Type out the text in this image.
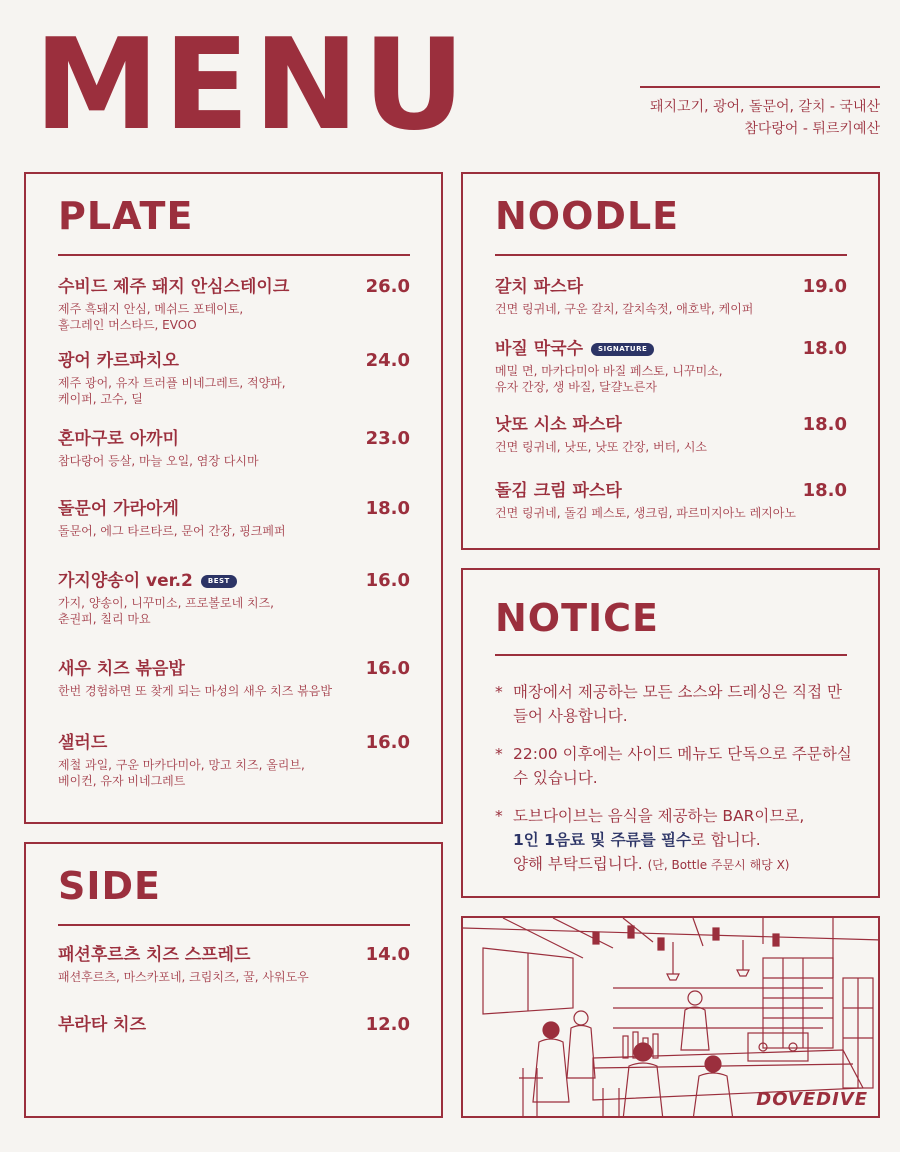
MENU	돼지고기, 광어, 돌문어, 갈치 - 국내산
참다랑어 - 튀르키예산
PLATE
수비드 제주 돼지 안심스테이크	26.0
제주 흑돼지 안심, 메쉬드 포테이토,
홀그레인 머스타드, EVOO
광어 카르파치오	24.0
제주 광어, 유자 트러플 비네그레트, 적양파,
케이퍼, 고수, 딜
혼마구로 아까미	23.0
참다랑어 등살, 마늘 오일, 염장 다시마
돌문어 가라아게	18.0
돌문어, 에그 타르타르, 문어 간장, 핑크페퍼
가지양송이 ver.2	BEST	16.0
가지, 양송이, 니꾸미소, 프로볼로네 치즈,
춘권피, 칠리 마요
새우 치즈 볶음밥	16.0
한번 경험하면 또 찾게 되는 마성의 새우 치즈 볶음밥
샐러드	16.0
제철 과일, 구운 마카다미아, 망고 치즈, 올리브,
베이컨, 유자 비네그레트
SIDE
패션후르츠 치즈 스프레드	14.0
패션후르츠, 마스카포네, 크림치즈, 꿀, 사워도우
부라타 치즈	12.0
NOODLE
갈치 파스타	19.0
건면 링귀네, 구운 갈치, 갈치속젓, 애호박, 케이퍼
바질 막국수	SIGNATURE	18.0
메밀 면, 마카다미아 바질 페스토, 니꾸미소,
유자 간장, 생 바질, 달걀노른자
낫또 시소 파스타	18.0
건면 링귀네, 낫또, 낫또 간장, 버터, 시소
돌김 크림 파스타	18.0
건면 링귀네, 돌김 페스토, 생크림, 파르미지아노 레지아노
NOTICE
* 매장에서 제공하는 모든 소스와 드레싱은 직접 만들어 사용합니다.
* 22:00 이후에는 사이드 메뉴도 단독으로 주문하실 수 있습니다.
* 도브다이브는 음식을 제공하는 BAR이므로,
1인 1음료 및 주류를 필수로 합니다.
양해 부탁드립니다. (단, Bottle 주문시 해당 X)
DOVEDIVE
